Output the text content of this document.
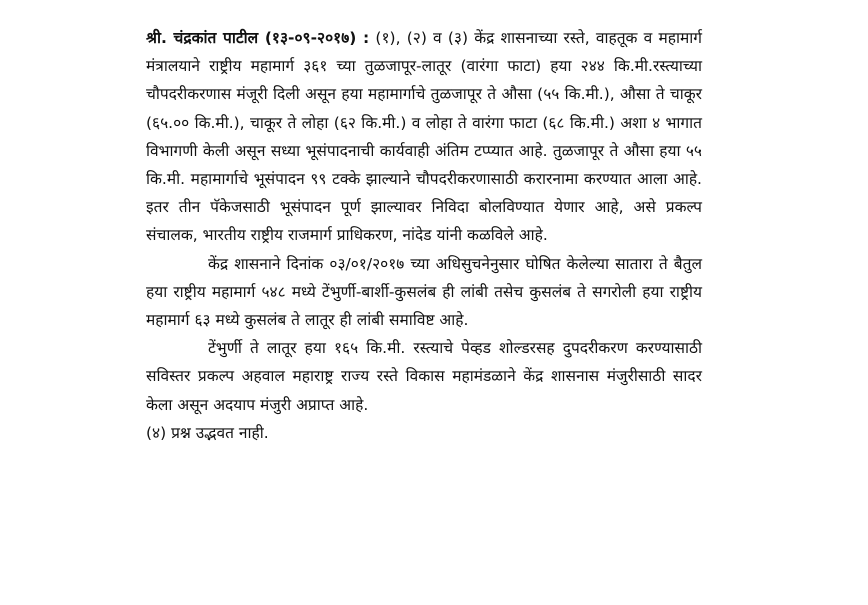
श्री. चंद्रकांत पाटील (१३-०९-२०१७) : (१), (२) व (३) केंद्र शासनाच्या रस्ते, वाहतूक व महामार्ग मंत्रालयाने राष्ट्रीय महामार्ग ३६१ च्या तुळजापूर-लातूर (वारंगा फाटा) हया २४४ कि.मी.रस्त्याच्या चौपदरीकरणास मंजूरी दिली असून हया महामार्गाचे तुळजापूर ते औसा (५५ कि.मी.), औसा ते चाकूर (६५.०० कि.मी.), चाकूर ते लोहा (६२ कि.मी.) व लोहा ते वारंगा फाटा (६८ कि.मी.) अशा ४ भागात विभागणी केली असून सध्या भूसंपादनाची कार्यवाही अंतिम टप्प्यात आहे. तुळजापूर ते औसा हया ५५ कि.मी. महामार्गाचे भूसंपादन ९९ टक्के झाल्याने चौपदरीकरणासाठी करारनामा करण्यात आला आहे. इतर तीन पॅकेजसाठी भूसंपादन पूर्ण झाल्यावर निविदा बोलविण्यात येणार आहे, असे प्रकल्प संचालक, भारतीय राष्ट्रीय राजमार्ग प्राधिकरण, नांदेड यांनी कळविले आहे.

केंद्र शासनाने दिनांक ०३/०१/२०१७ च्या अधिसुचनेनुसार घोषित केलेल्या सातारा ते बैतुल हया राष्ट्रीय महामार्ग ५४८ मध्ये टेंभुर्णी-बार्शी-कुसलंब ही लांबी तसेच कुसलंब ते सगरोली हया राष्ट्रीय महामार्ग ६३ मध्ये कुसलंब ते लातूर ही लांबी समाविष्ट आहे.

टेंभुर्णी ते लातूर हया १६५ कि.मी. रस्त्याचे पेव्हड शोल्डरसह दुपदरीकरण करण्यासाठी सविस्तर प्रकल्प अहवाल महाराष्ट्र राज्य रस्ते विकास महामंडळाने केंद्र शासनास मंजुरीसाठी सादर केला असून अदयाप मंजुरी अप्राप्त आहे.

(४) प्रश्न उद्भवत नाही.
